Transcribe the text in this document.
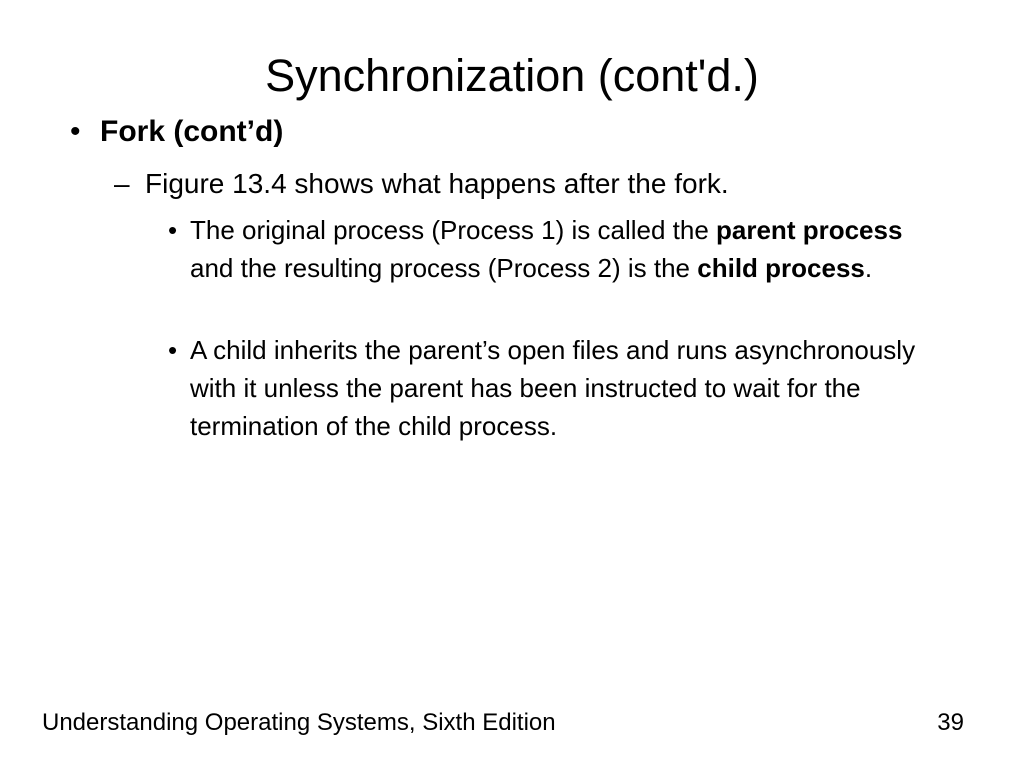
Synchronization (cont'd.)
• Fork (cont’d)
– Figure 13.4 shows what happens after the fork.
• The original process (Process 1) is called the parent process and the resulting process (Process 2) is the child process.
• A child inherits the parent’s open files and runs asynchronously with it unless the parent has been instructed to wait for the termination of the child process.
Understanding Operating Systems, Sixth Edition	39
